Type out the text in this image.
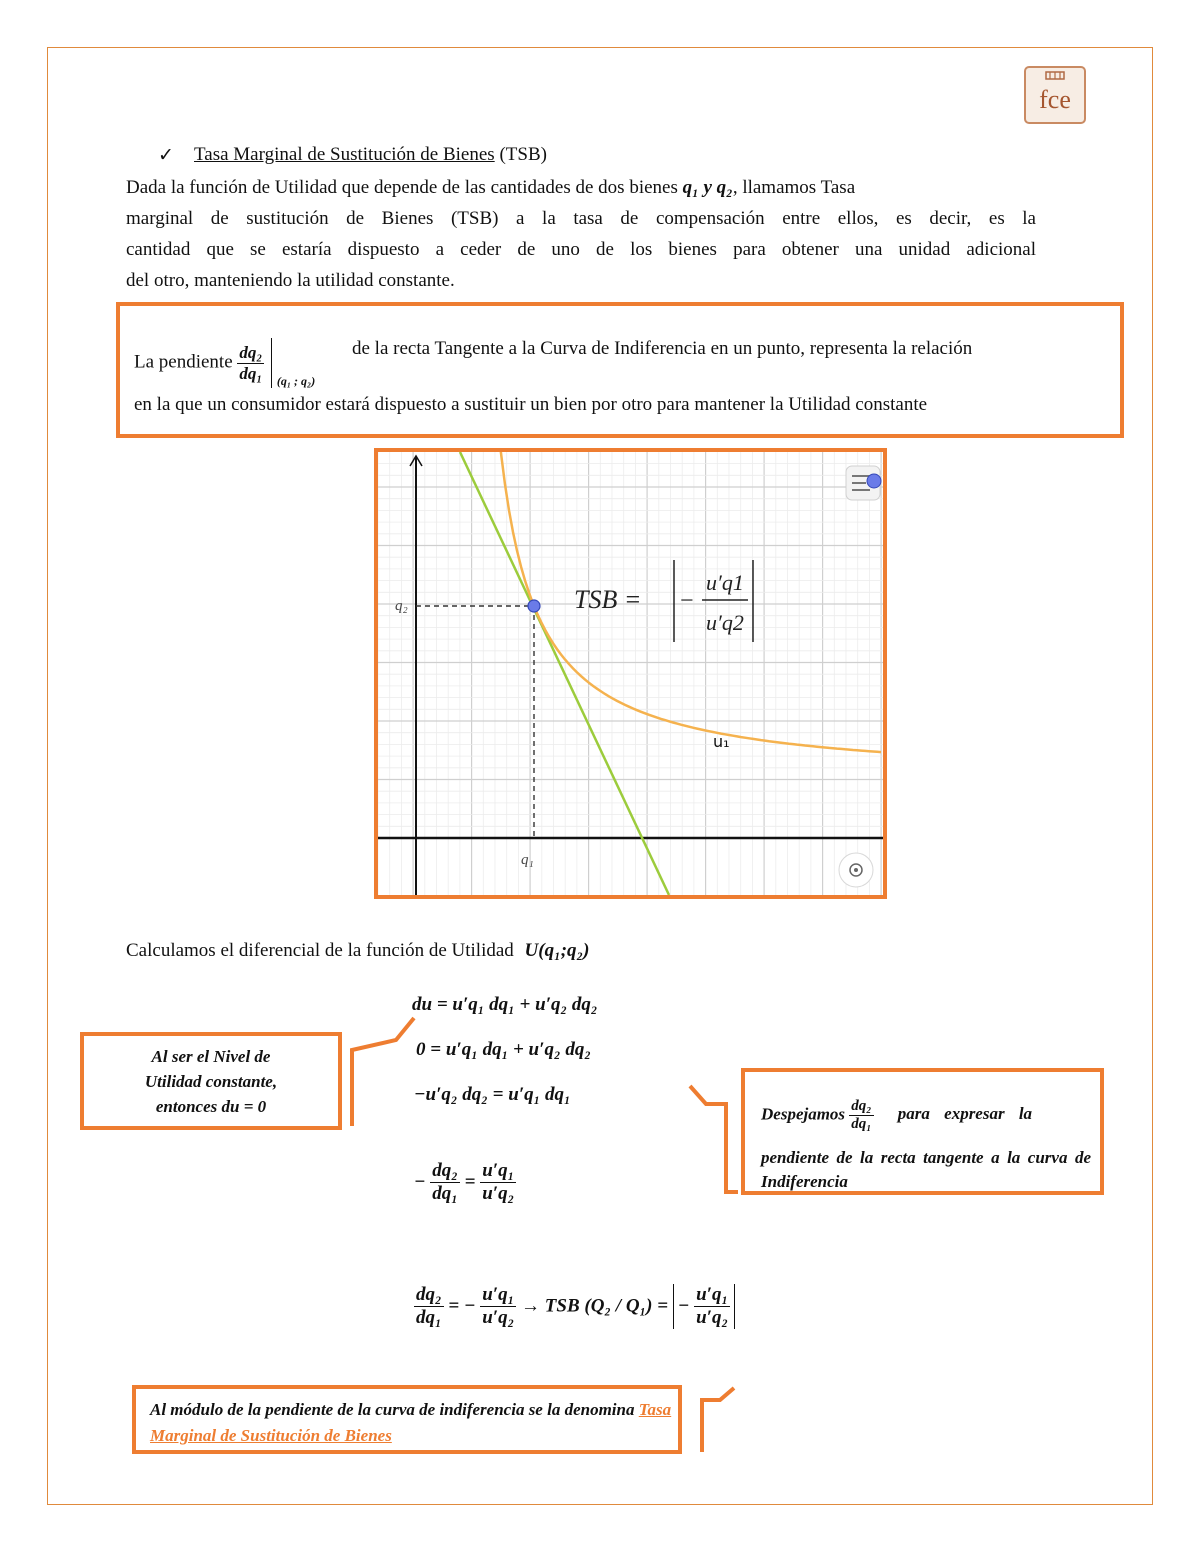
fce
✓ Tasa Marginal de Sustitución de Bienes (TSB)
Dada la función de Utilidad que depende de las cantidades de dos bienes q₁ y q₂, llamamos Tasa
marginal de sustitución de Bienes (TSB) a la tasa de compensación entre ellos, es decir, es la
cantidad que se estaría dispuesto a ceder de uno de los bienes para obtener una unidad adicional
del otro, manteniendo la utilidad constante.
La pendiente $\frac{\text{dq₂}}{\text{dq₁}} _{(q_1 ; q_2)}$
de la recta Tangente a la Curva de Indiferencia en un punto, representa la relación
en la que un consumidor estará dispuesto a sustituir un bien por otro para mantener la Utilidad constante
q₁
q₂
u₁
TSB = −
u′q1
u′q2
Calculamos el diferencial de la función de Utilidad U(q₁;q₂)
du = u′q₁ dq₁ + u′q₂ dq₂
0 = u′q₁ dq₁ + u′q₂ dq₂
−u′q₂ dq₂ = u′q₁ dq₁
− $\frac{\text{dq₂}}{\text{dq₁}} = \frac{\text{u′q₁}}{\text{u′q₂}}$
$\frac{\text{dq₂}}{\text{dq₁}}$ = − $\frac{\text{u′q₁}}{\text{u′q₂}}$ → TSB (Q₂ / Q₁) = − $\frac{\text{u′q₁}}{\text{u′q₂}}$
Al ser el Nivel de
Utilidad constante,
entonces du = 0	Despejamos $\frac{\text{dq₂}}{\text{dq₁}}$ para expresar la
pendiente de la recta tangente a la curva de Indiferencia
Al módulo de la pendiente de la curva de indiferencia se la denomina Tasa Marginal de Sustitución de Bienes
